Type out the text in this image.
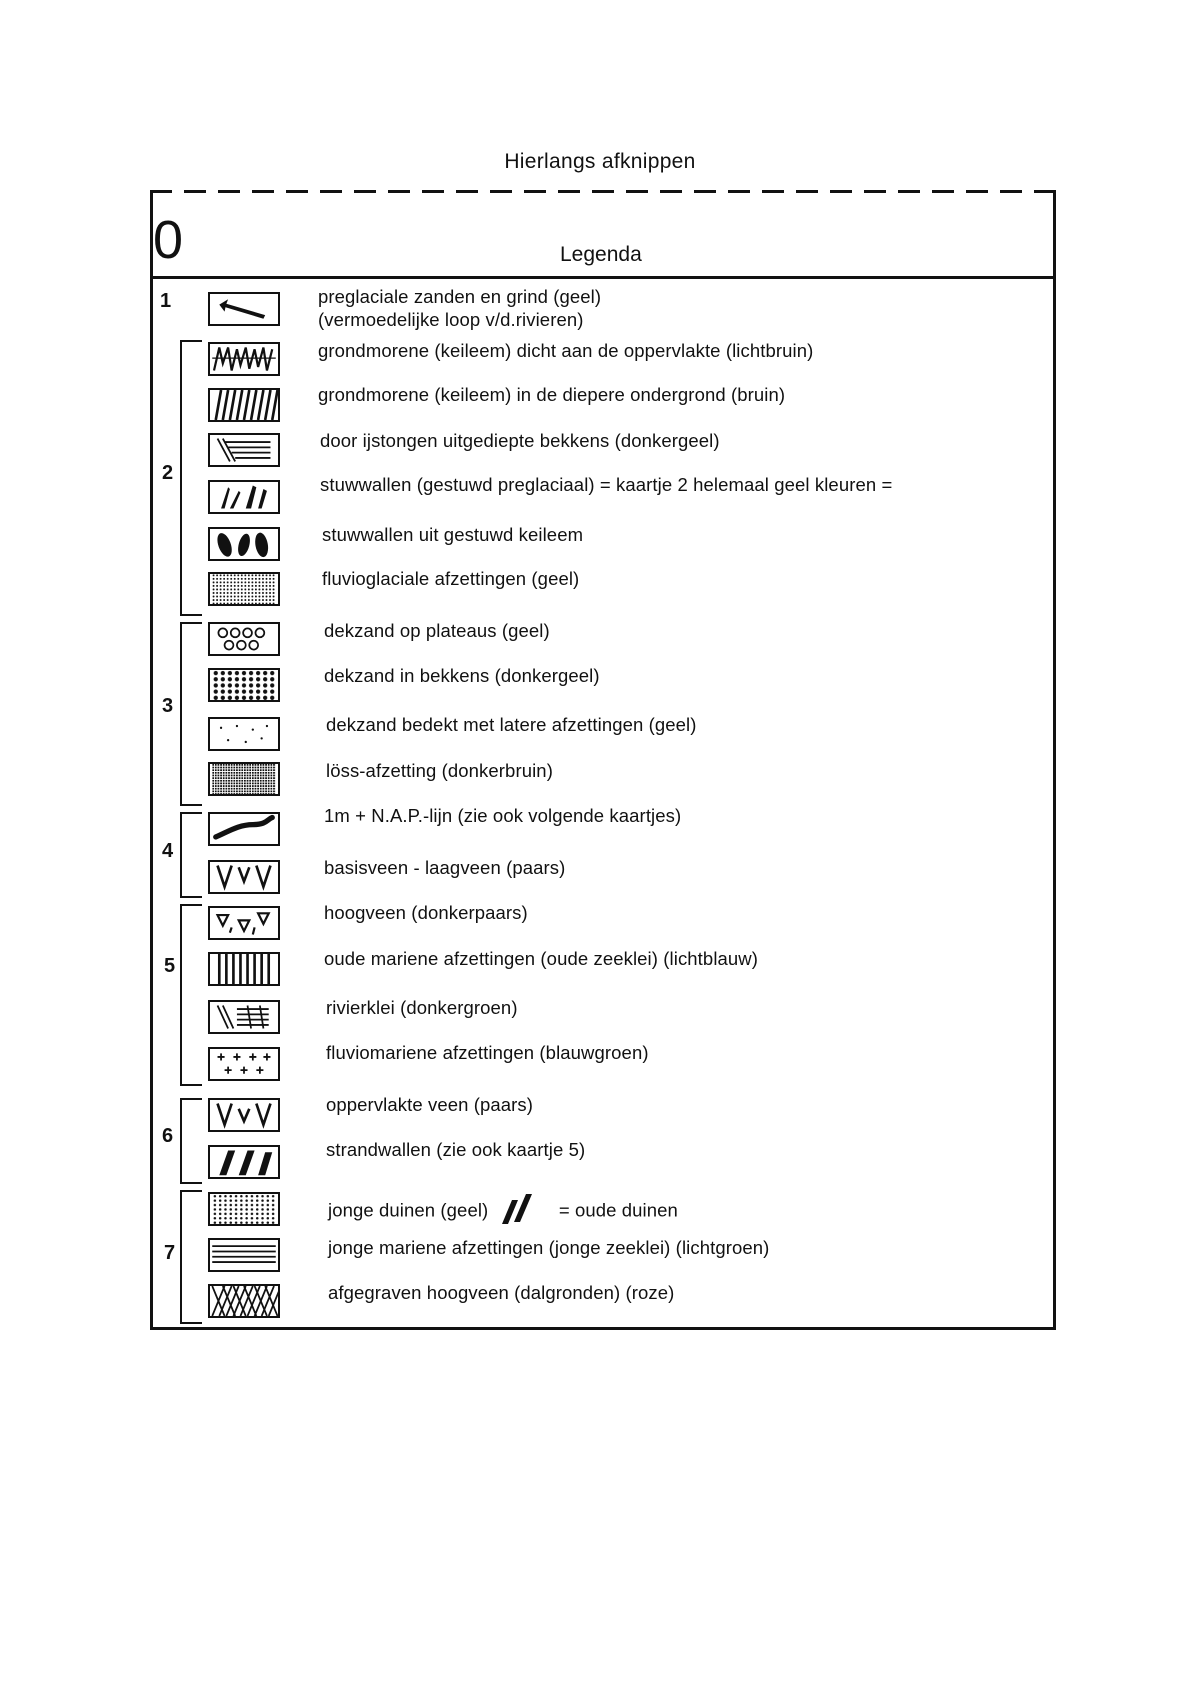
Hierlangs afknippen
0	Legenda
1
2
3
4
5
6
7
preglaciale zanden en grind (geel)
(vermoedelijke loop v/d.rivieren)
grondmorene (keileem) dicht aan de oppervlakte (lichtbruin)
grondmorene (keileem) in de diepere ondergrond (bruin)
door ijstongen uitgediepte bekkens (donkergeel)
stuwwallen (gestuwd preglaciaal) = kaartje 2 helemaal geel kleuren =
stuwwallen uit gestuwd keileem
fluvioglaciale afzettingen (geel)
dekzand op plateaus (geel)
dekzand in bekkens (donkergeel)
dekzand bedekt met latere afzettingen (geel)
löss-afzetting (donkerbruin)
1m + N.A.P.-lijn (zie ook volgende kaartjes)
basisveen - laagveen (paars)
hoogveen (donkerpaars)
oude mariene afzettingen (oude zeeklei) (lichtblauw)
rivierklei (donkergroen)
fluviomariene afzettingen (blauwgroen)
oppervlakte veen (paars)
strandwallen (zie ook kaartje 5)
jonge duinen (geel)	= oude duinen
jonge mariene afzettingen (jonge zeeklei) (lichtgroen)
afgegraven hoogveen (dalgronden) (roze)
